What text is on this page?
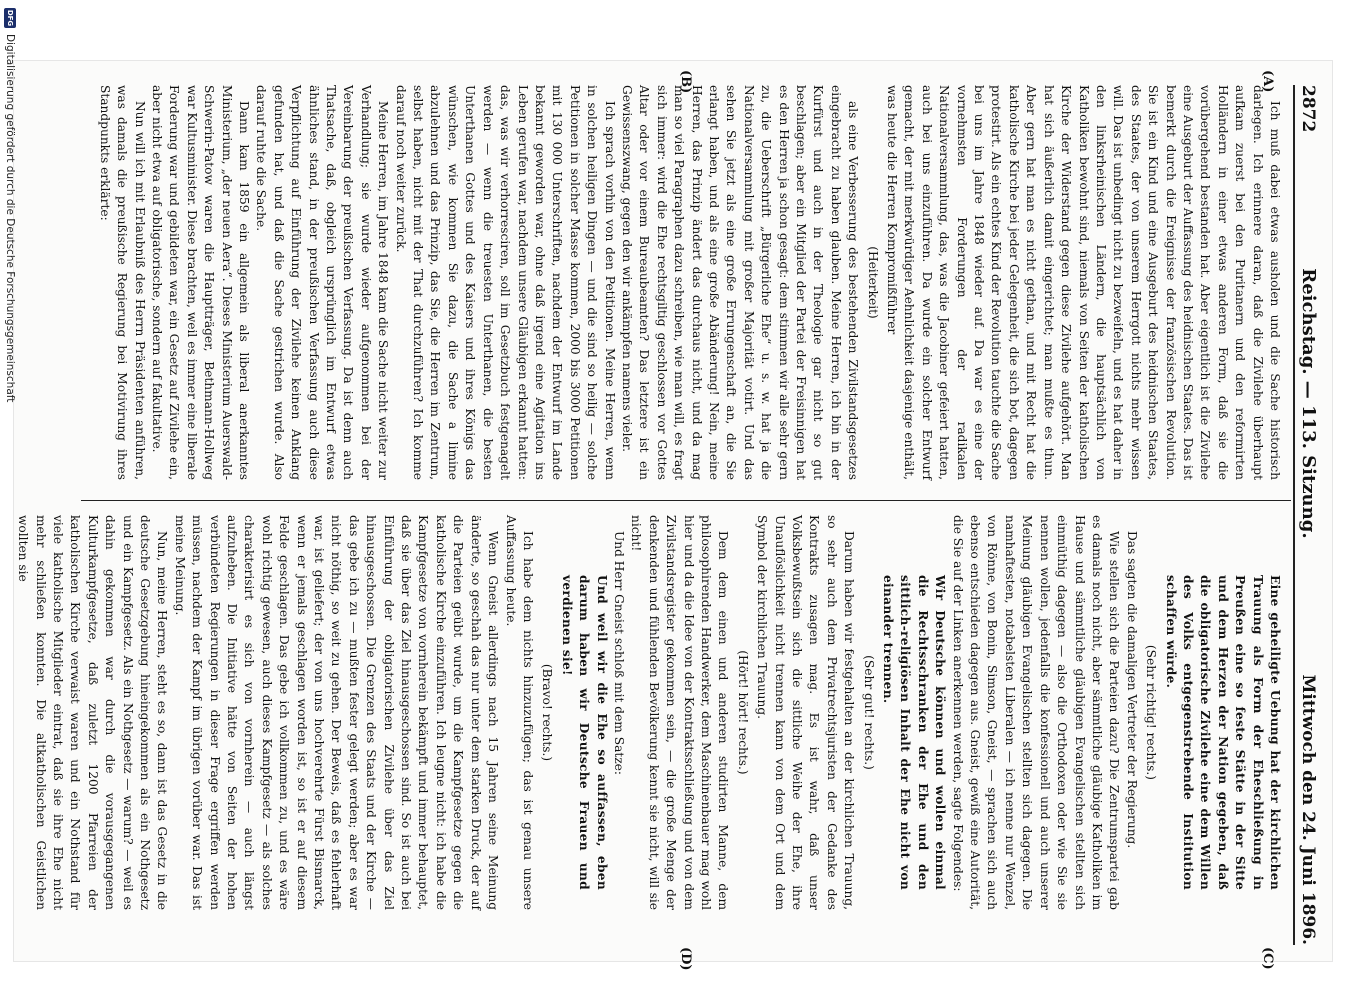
2872
Reichstag. — 113. Sitzung.
Mittwoch den 24. Juni 1896.
(A)
(B)
(C)
(D)

Ich muß dabei etwas ausholen und die Sache historisch darlegen. Ich erinnere daran, daß die Zivilehe überhaupt aufkam zuerst bei den Puritanern und den reformirten Holländern in einer etwas anderen Form, daß sie die vorübergehend bestanden hat. Aber eigentlich ist die Zivilehe eine Ausgeburt der Auffassung des heidnischen Staates. Das ist bemerkt durch die Ereignisse der französischen Revolution. Sie ist ein Kind und eine Ausgeburt des heidnischen Staates, des Staates, der von unserem Herrgott nichts mehr wissen will. Das ist unbedingt nicht zu bezweifeln, und es hat daher in den linksrheinischen Ländern, die hauptsächlich von Katholiken bewohnt sind, niemals von Seiten der katholischen Kirche der Widerstand gegen diese Zivilehe aufgehört. Man hat sich äußerlich damit eingerichtet; man mußte es thun. Aber gern hat man es nicht gethan, und mit Recht hat die katholische Kirche bei jeder Gelegenheit, die sich bot, dagegen protestirt. Als ein echtes Kind der Revolution tauchte die Sache bei uns im Jahre 1848 wieder auf. Da war es eine der vornehmsten Forderungen der radikalen Nationalversammlung, das, was die Jacobiner gefeiert hatten, auch bei uns einzuführen. Da wurde ein solcher Entwurf gemacht, der mit merkwürdiger Aehnlichkeit dasjenige enthält, was heute die Herren Kompromißführer

(Heiterkeit)

als eine Verbesserung des bestehenden Zivilstandsgesetzes eingebracht zu haben glauben. Meine Herren, ich bin in der Kurfürst und auch in der Theologie gar nicht so gut beschlagen; aber ein Mitglied der Partei der Freisinnigen hat es den Herren ja schon gesagt: dem stimmen wir alle sehr gern zu, die Ueberschrift „Bürgerliche Ehe“ u. s. w. hat ja die Nationalversammlung mit großer Majorität votirt. Und das sehen Sie jetzt als eine große Errungenschaft an, die Sie erlangt haben, und als eine große Abänderung! Nein, meine Herren, das Prinzip ändert das durchaus nicht, und da mag man so viel Paragraphen dazu schreiben, wie man will, es fragt sich immer: wird die Ehe rechtsgiltig geschlossen vor Gottes Altar oder vor einem Bureaubeamten? Das letztere ist ein Gewissenszwang, gegen den wir ankämpfen namens vieler.

Ich sprach vorhin von den Petitionen. Meine Herren, wenn in solchen heiligen Dingen — und die sind so heilig — solche Petitionen in solcher Masse kommen, 2000 bis 3000 Petitionen mit 130 000 Unterschriften, nachdem der Entwurf im Lande bekannt geworden war, ohne daß irgend eine Agitation ins Leben gerufen war, nachdem unsere Gläubigen erkannt hatten: das, was wir verhorresciren, soll im Gesetzbuch festgenagelt werden — wenn die treuesten Unterthanen, die besten Unterthanen Gottes und des Kaisers und ihres Königs das wünschen, wie kommen Sie dazu, die Sache a limine abzulehnen und das Prinzip, das Sie, die Herren im Zentrum, selbst haben, nicht mit der That durchzuführen? Ich komme darauf noch weiter zurück.

Meine Herren, im Jahre 1848 kam die Sache nicht weiter zur Verhandlung; sie wurde wieder aufgenommen bei der Vereinbarung der preußischen Verfassung. Da ist denn auch Thatsache, daß, obgleich ursprünglich im Entwurf etwas ähnliches stand, in der preußischen Verfassung auch diese Verpflichtung auf Einführung der Zivilehe keinen Anklang gefunden hat, und daß die Sache gestrichen wurde. Also darauf ruhte die Sache.

Dann kam 1859 ein allgemein als liberal anerkanntes Ministerium, „der neuen Aera“. Dieses Ministerium Auerswald-Schwerin-Patow waren die Hauptträger, Bethmann-Hollweg war Kultusminister. Diese brachten, weil es immer eine liberale Forderung war und gebildeten war, ein Gesetz auf Zivilehe ein, aber nicht etwa auf obligatorische, sondern auf fakultative.

Nun will ich mit Erlaubniß des Herrn Präsidenten anführen, was damals die preußische Regierung bei Motivirung ihres Standpunkts erklärte:

Eine geheiligte Uebung hat der kirchlichen Trauung als Form der Eheschließung in Preußen eine so feste Stätte in der Sitte und dem Herzen der Nation gegeben, daß die obligatorische Zivilehe eine dem Willen des Volks entgegenstrebende Institution schaffen würde.

(Sehr richtig! rechts.)

Das sagten die damaligen Vertreter der Regierung.

Wie stellen sich die Parteien dazu? Die Zentrumspartei gab es damals noch nicht, aber sämmtliche gläubige Katholiken im Hause und sämmtliche gläubigen Evangelischen stellten sich einmüthig dagegen — also die Orthodoxen oder wie Sie sie nennen wollen, jedenfalls die konfessionell und auch unserer Meinung gläubigen Evangelischen stellten sich dagegen. Die namhaftesten, notabelsten Liberalen — ich nenne nur Wenzel, von Rönne, von Bonin, Simson, Gneist, — sprachen sich auch ebenso entschieden dagegen aus. Gneist, gewiß eine Autorität, die Sie auf der Linken anerkennen werden, sagte Folgendes:

Wir Deutsche können und wollen einmal die Rechtsschranken der Ehe und den sittlich-religiösen Inhalt der Ehe nicht von einander trennen.

(Sehr gut! rechts.)

Darum haben wir festgehalten an der kirchlichen Trauung, so sehr auch dem Privatrechtsjuristen der Gedanke des Kontrakts zusagen mag. Es ist wahr, daß unser Volksbewußtsein sich die sittliche Weihe der Ehe, ihre Unauflöslichkeit nicht trennen kann von dem Ort und dem Symbol der kirchlichen Trauung.

(Hört! hört! rechts.)

Dem dem einen und anderen studirten Manne, dem philosophirenden Handwerker, dem Maschinenbauer mag wohl hier und da die Idee von der Kontraktsschließung und von dem Zivilstandsregister gekommen sein, — die große Menge der denkenden und fühlenden Bevölkerung kennt sie nicht, will sie nicht!

Und Herr Gneist schloß mit dem Satze:

Und weil wir die Ehe so auffassen, eben darum haben wir Deutsche Frauen und verdienen sie!

(Bravo! rechts.)

Ich habe dem nichts hinzuzufügen; das ist genau unsere Auffassung heute.

Wenn Gneist allerdings nach 15 Jahren seine Meinung änderte, so geschah das nur unter dem starken Druck, der auf die Parteien geübt wurde, um die Kampfgesetze gegen die katholische Kirche einzuführen. Ich leugne nicht: ich habe die Kampfgesetze von vornherein bekämpft und immer behauptet, daß sie über das Ziel hinausgeschossen sind. So ist auch bei Einführung der obligatorischen Zivilehe über das Ziel hinausgeschossen. Die Grenzen des Staats und der Kirche — das gebe ich zu — mußten fester gelegt werden; aber es war nicht nöthig, so weit zu gehen. Der Beweis, daß es fehlerhaft war, ist geliefert; der von uns hochverehrte Fürst Bismarck, wenn er jemals geschlagen worden ist, so ist er auf diesem Felde geschlagen. Das gebe ich vollkommen zu, und es wäre wohl richtig gewesen, auch dieses Kampfgesetz — als solches charakterisirt es sich von vornherein — auch längst aufzuheben. Die Initiative hätte von Seiten der hohen verbündeten Regierungen in dieser Frage ergriffen werden müssen, nachdem der Kampf im übrigen vorüber war. Das ist meine Meinung.

Nun, meine Herren, steht es so, dann ist das Gesetz in die deutsche Gesetzgebung hineingekommen als ein Nothgesetz und ein Kampfgesetz. Als ein Nothgesetz — warum? — weil es dahin gekommen war durch die vorausgegangenen Kulturkampfgesetze, daß zuletzt 1200 Pfarreien der katholischen Kirche verwaist waren und ein Nothstand für viele katholische Mitglieder eintrat, daß sie ihre Ehe nicht mehr schließen konnten. Die altkatholischen Geistlichen wollten sie

DFG
Digitalisierung gefördert durch die Deutsche Forschungsgemeinschaft
